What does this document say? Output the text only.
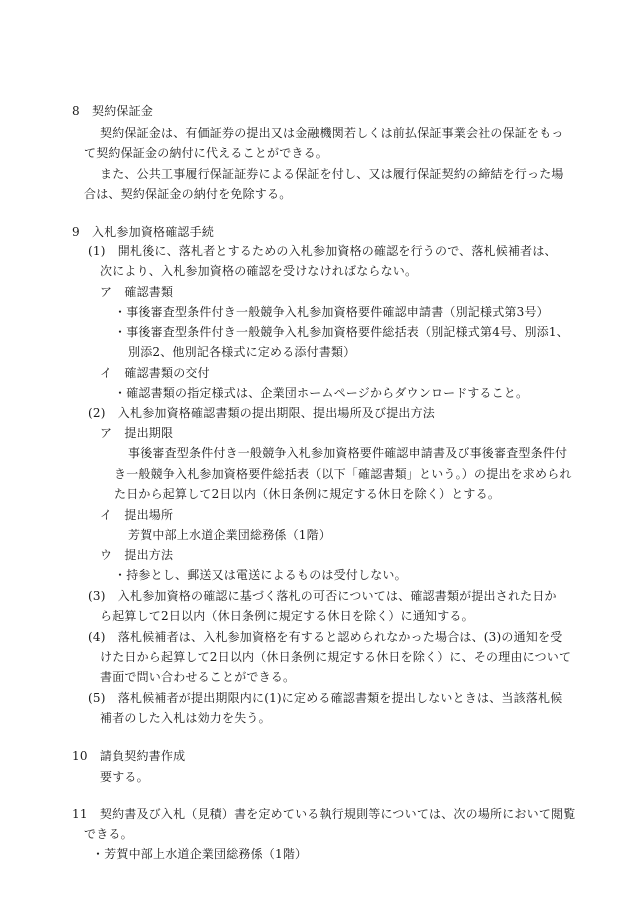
8　契約保証金
契約保証金は、有価証券の提出又は金融機関若しくは前払保証事業会社の保証をもっ
て契約保証金の納付に代えることができる。
また、公共工事履行保証証券による保証を付し、又は履行保証契約の締結を行った場
合は、契約保証金の納付を免除する。
9　入札参加資格確認手続
(1)　開札後に、落札者とするための入札参加資格の確認を行うので、落札候補者は、
次により、入札参加資格の確認を受けなければならない。
ア　確認書類
・事後審査型条件付き一般競争入札参加資格要件確認申請書（別記様式第3号）
・事後審査型条件付き一般競争入札参加資格要件総括表（別記様式第4号、別添1、
別添2、他別記各様式に定める添付書類）
イ　確認書類の交付
・確認書類の指定様式は、企業団ホームページからダウンロードすること。
(2)　入札参加資格確認書類の提出期限、提出場所及び提出方法
ア　提出期限
事後審査型条件付き一般競争入札参加資格要件確認申請書及び事後審査型条件付
き一般競争入札参加資格要件総括表（以下「確認書類」という。）の提出を求められ
た日から起算して2日以内（休日条例に規定する休日を除く）とする。
イ　提出場所
芳賀中部上水道企業団総務係（1階）
ウ　提出方法
・持参とし、郵送又は電送によるものは受付しない。
(3)　入札参加資格の確認に基づく落札の可否については、確認書類が提出された日か
ら起算して2日以内（休日条例に規定する休日を除く）に通知する。
(4)　落札候補者は、入札参加資格を有すると認められなかった場合は、(3)の通知を受
けた日から起算して2日以内（休日条例に規定する休日を除く）に、その理由について
書面で問い合わせることができる。
(5)　落札候補者が提出期限内に(1)に定める確認書類を提出しないときは、当該落札候
補者のした入札は効力を失う。
10　請負契約書作成
要する。
11　契約書及び入札（見積）書を定めている執行規則等については、次の場所において閲覧
できる。
・芳賀中部上水道企業団総務係（1階）
